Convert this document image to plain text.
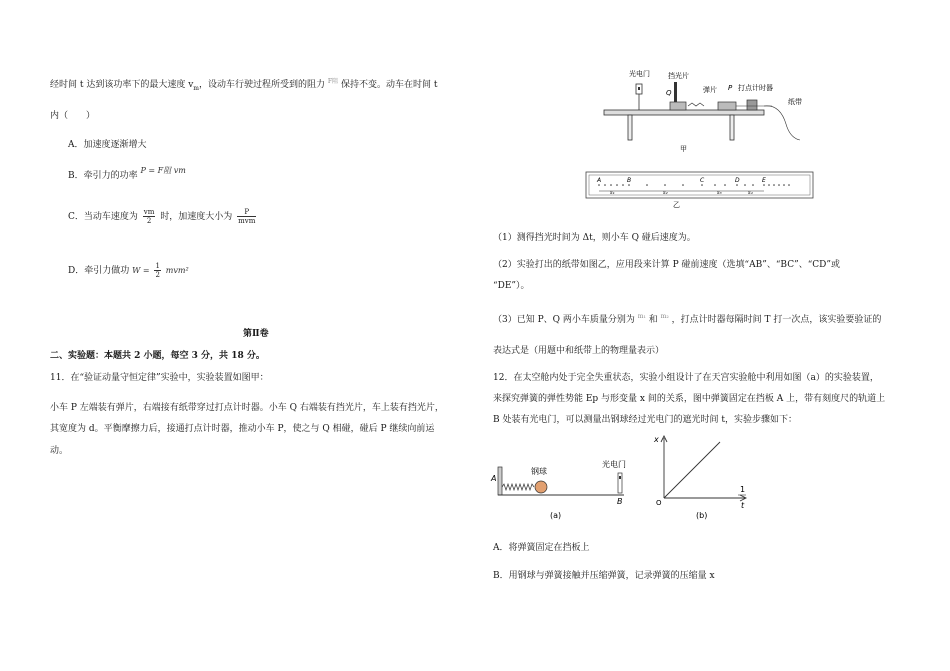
经时间 t 达到该功率下的最大速度 $v_m$，设动车行驶过程所受到的阻力 $^{F阻}$ 保持不变。动车在时间 t
内（　　）
A．加速度逐渐增大
B．牵引力的功率 P = F阻 vm
C．当动车速度为 $\frac{vm}{2}$ 时，加速度大小为 $\frac{P}{\text{mvm}}$
D．牵引力做功 $W = \frac{1}{2} mvm^2$
第Ⅱ卷
二、实验题：本题共 2 小题，每空 3 分，共 18 分。
11．在“验证动量守恒定律”实验中，实验装置如图甲：
小车 P 左端装有弹片，右端接有纸带穿过打点计时器。小车 Q 右端装有挡光片，车上装有挡光片，
其宽度为 d。平衡摩擦力后，接通打点计时器，推动小车 P，使之与 Q 相碰，碰后 P 继续向前运
动。
光电门	挡光片
Q	弹片 P 打点计时器
纸带
甲
A	B	C	D	E
s₁	s₂	s₃	s₄
乙
（1）测得挡光时间为 Δt，则小车 Q 碰后速度为。
（2）实验打出的纸带如图乙，应用段来计算 P 碰前速度（选填“AB”、“BC”、“CD”或
“DE”）。
（3）已知 P、Q 两小车质量分别为 $^{m_1}$ 和 $^{m_2}$ ，打点计时器每隔时间 T 打一次点，该实验要验证的
表达式是（用题中和纸带上的物理量表示）
12．在太空舱内处于完全失重状态，实验小组设计了在天宫实验舱中利用如图（a）的实验装置，
来探究弹簧的弹性势能 Ep 与形变量 x 间的关系，图中弹簧固定在挡板 A 上，带有刻度尺的轨道上
B 处装有光电门，可以测量出钢球经过光电门的遮光时间 t，实验步骤如下：
A
钢球
光电门
B
(a)
x
O
1
t
(b)
A．将弹簧固定在挡板上
B．用钢球与弹簧接触并压缩弹簧，记录弹簧的压缩量 x
